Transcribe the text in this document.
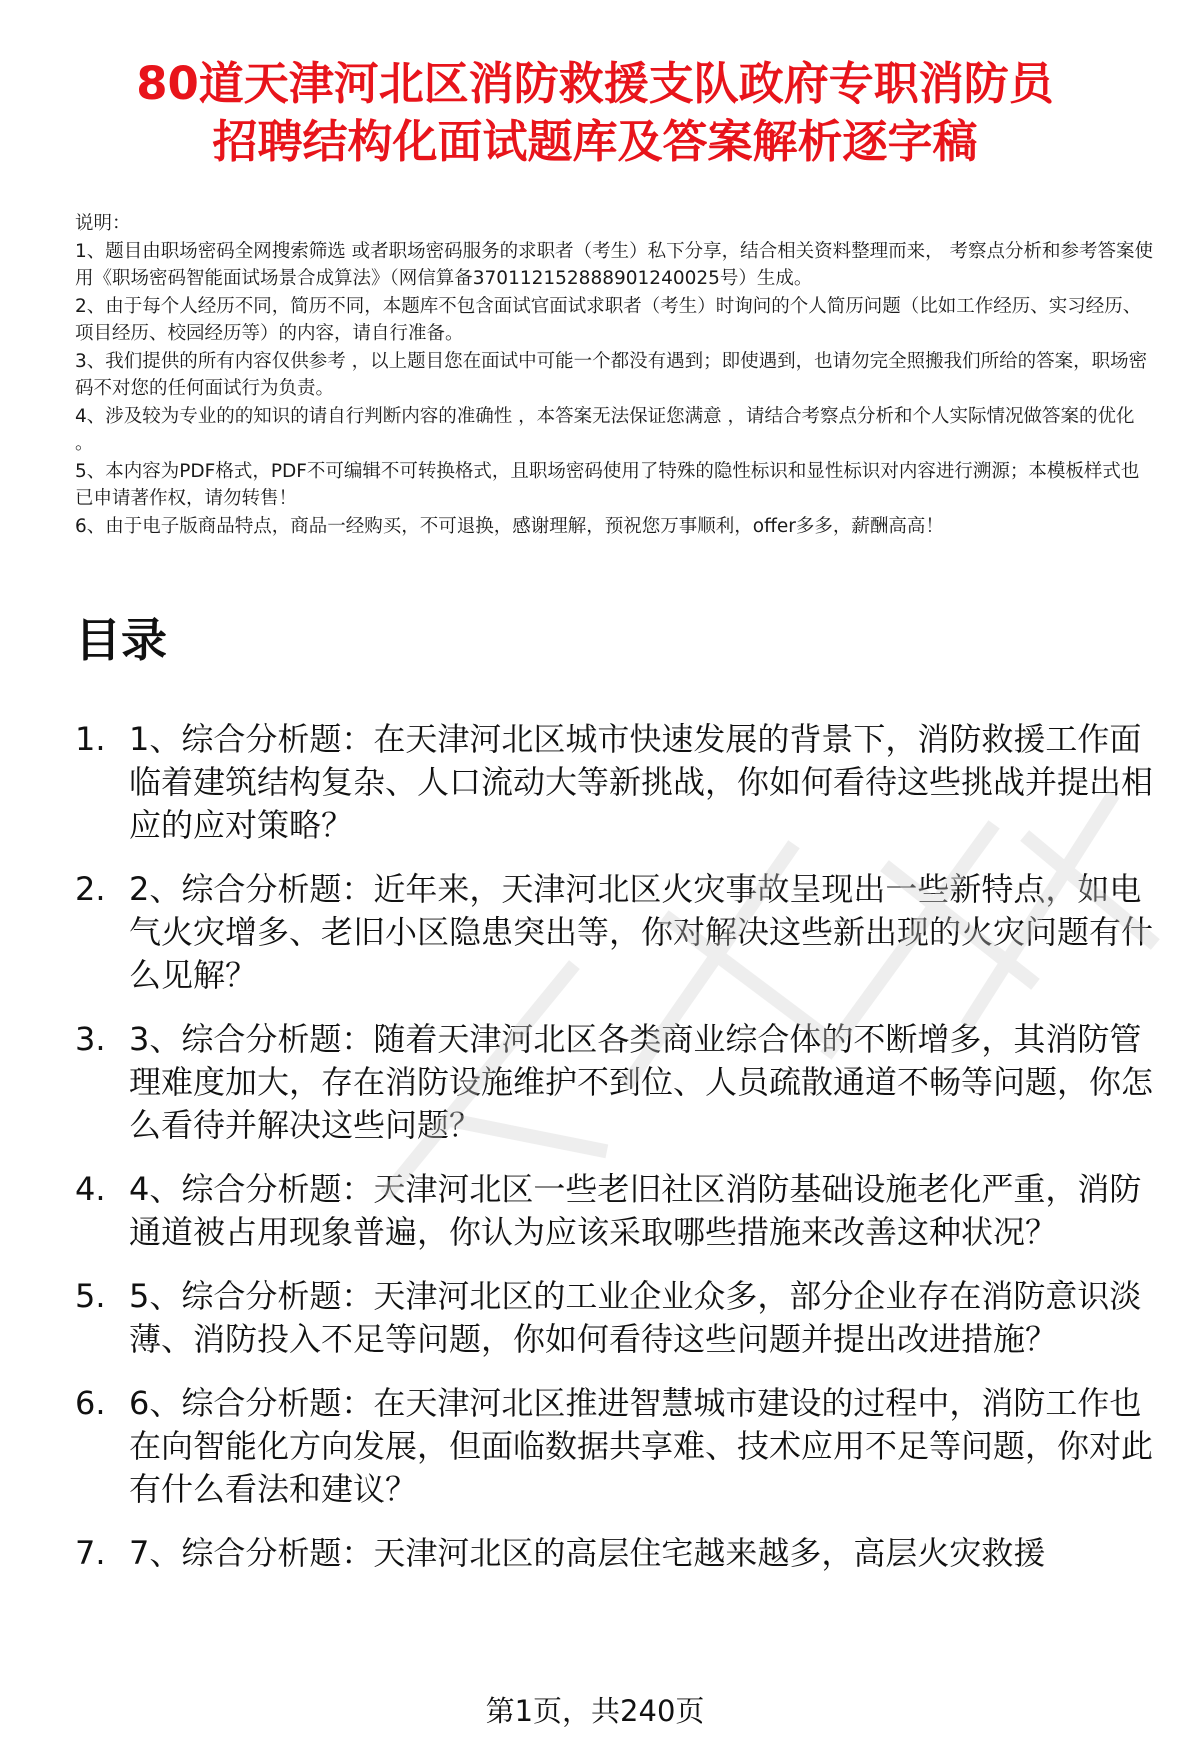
80道天津河北区消防救援支队政府专职消防员
招聘结构化面试题库及答案解析逐字稿

说明：

1、题目由职场密码全网搜索筛选 或者职场密码服务的求职者（考生）私下分享，结合相关资料整理而来， 考察点分析和参考答案使用《职场密码智能面试场景合成算法》（网信算备370112152888901240025号）生成。

2、由于每个人经历不同，简历不同，本题库不包含面试官面试求职者（考生）时询问的个人简历问题（比如工作经历、实习经历、项目经历、校园经历等）的内容，请自行准备。

3、我们提供的所有内容仅供参考 ，以上题目您在面试中可能一个都没有遇到；即使遇到，也请勿完全照搬我们所给的答案，职场密码不对您的任何面试行为负责。

4、涉及较为专业的的知识的请自行判断内容的准确性 ，本答案无法保证您满意 ，请结合考察点分析和个人实际情况做答案的优化 。

5、本内容为PDF格式，PDF不可编辑不可转换格式，且职场密码使用了特殊的隐性标识和显性标识对内容进行溯源；本模板样式也已申请著作权，请勿转售！

6、由于电子版商品特点，商品一经购买，不可退换，感谢理解，预祝您万事顺利，offer多多，薪酬高高！

目录
1. 1、综合分析题：在天津河北区城市快速发展的背景下，消防救援工作面临着建筑结构复杂、人口流动大等新挑战，你如何看待这些挑战并提出相应的应对策略？
2. 2、综合分析题：近年来，天津河北区火灾事故呈现出一些新特点，如电气火灾增多、老旧小区隐患突出等，你对解决这些新出现的火灾问题有什么见解？
3. 3、综合分析题：随着天津河北区各类商业综合体的不断增多，其消防管理难度加大，存在消防设施维护不到位、人员疏散通道不畅等问题，你怎么看待并解决这些问题？
4. 4、综合分析题：天津河北区一些老旧社区消防基础设施老化严重，消防通道被占用现象普遍，你认为应该采取哪些措施来改善这种状况？
5. 5、综合分析题：天津河北区的工业企业众多，部分企业存在消防意识淡薄、消防投入不足等问题，你如何看待这些问题并提出改进措施？
6. 6、综合分析题：在天津河北区推进智慧城市建设的过程中，消防工作也在向智能化方向发展，但面临数据共享难、技术应用不足等问题，你对此有什么看法和建议？
7. 7、综合分析题：天津河北区的高层住宅越来越多，高层火灾救援
第1页，共240页
